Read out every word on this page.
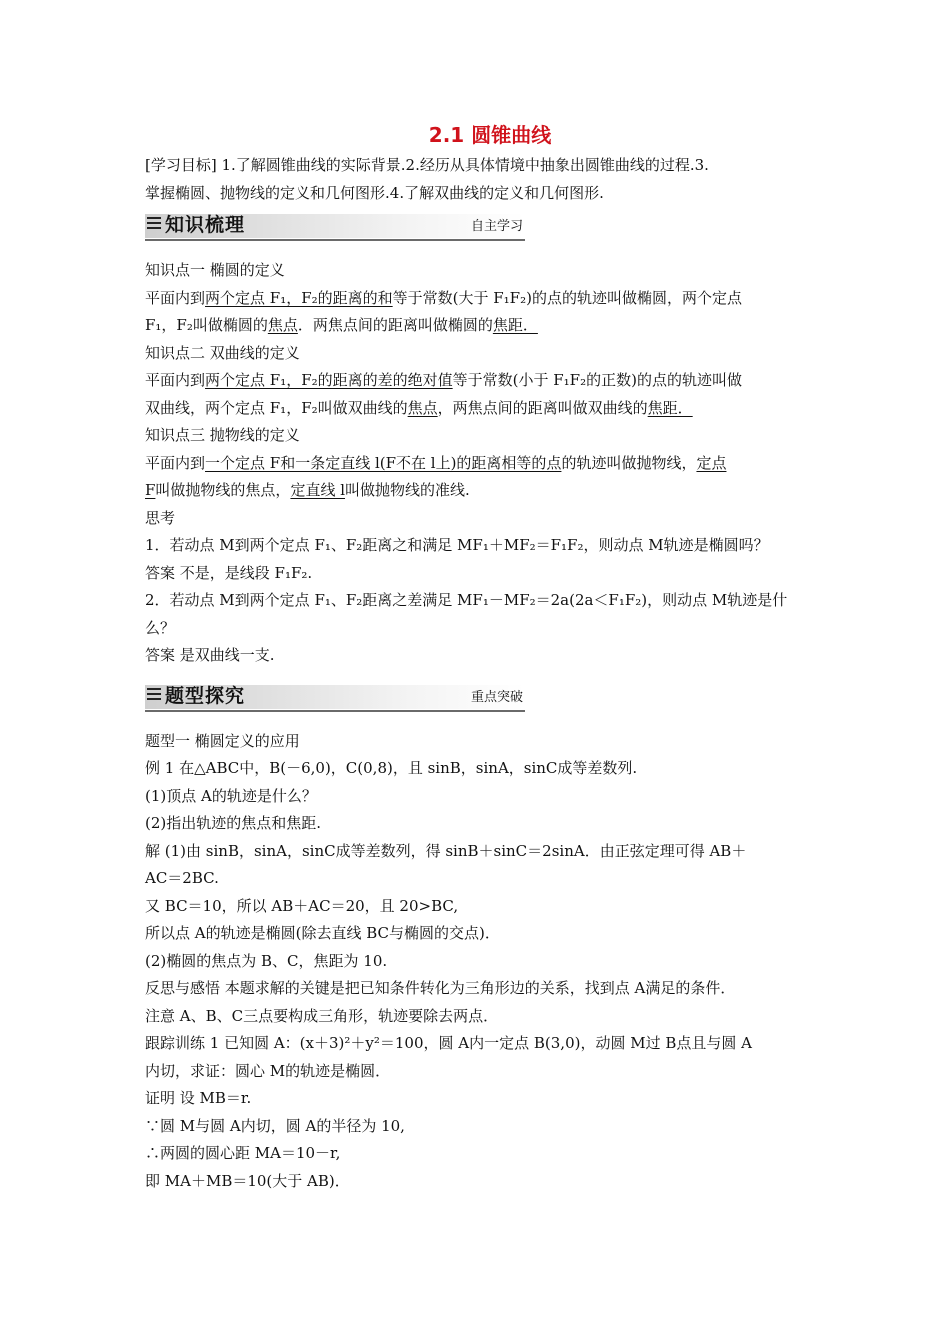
2.1 圆锥曲线
[学习目标] 1.了解圆锥曲线的实际背景.2.经历从具体情境中抽象出圆锥曲线的过程.3.
掌握椭圆、抛物线的定义和几何图形.4.了解双曲线的定义和几何图形.
知识梳理	自主学习
知识点一 椭圆的定义
平面内到两个定点 F₁，F₂的距离的和等于常数(大于 F₁F₂)的点的轨迹叫做椭圆，两个定点
F₁，F₂叫做椭圆的焦点．两焦点间的距离叫做椭圆的焦距．
知识点二 双曲线的定义
平面内到两个定点 F₁，F₂的距离的差的绝对值等于常数(小于 F₁F₂的正数)的点的轨迹叫做
双曲线，两个定点 F₁，F₂叫做双曲线的焦点，两焦点间的距离叫做双曲线的焦距．
知识点三 抛物线的定义
平面内到一个定点 F和一条定直线 l(F不在 l上)的距离相等的点的轨迹叫做抛物线，定点
F叫做抛物线的焦点，定直线 l叫做抛物线的准线.
思考
1．若动点 M到两个定点 F₁、F₂距离之和满足 MF₁＋MF₂＝F₁F₂，则动点 M轨迹是椭圆吗？
答案 不是，是线段 F₁F₂.
2．若动点 M到两个定点 F₁、F₂距离之差满足 MF₁－MF₂＝2a(2a＜F₁F₂)，则动点 M轨迹是什
么？
答案 是双曲线一支.
题型探究	重点突破
题型一 椭圆定义的应用
例 1 在△ABC中，B(－6,0)，C(0,8)，且 sinB，sinA，sinC成等差数列.
(1)顶点 A的轨迹是什么？
(2)指出轨迹的焦点和焦距.
解 (1)由 sinB，sinA，sinC成等差数列，得 sinB＋sinC＝2sinA．由正弦定理可得 AB＋
AC＝2BC.
又 BC＝10，所以 AB＋AC＝20，且 20>BC,
所以点 A的轨迹是椭圆(除去直线 BC与椭圆的交点)．
(2)椭圆的焦点为 B、C，焦距为 10.
反思与感悟 本题求解的关键是把已知条件转化为三角形边的关系，找到点 A满足的条件．
注意 A、B、C三点要构成三角形，轨迹要除去两点．
跟踪训练 1 已知圆 A：(x＋3)²＋y²＝100，圆 A内一定点 B(3,0)，动圆 M过 B点且与圆 A
内切，求证：圆心 M的轨迹是椭圆．
证明 设 MB＝r.
∵圆 M与圆 A内切，圆 A的半径为 10,
∴两圆的圆心距 MA＝10－r,
即 MA＋MB＝10(大于 AB)．
